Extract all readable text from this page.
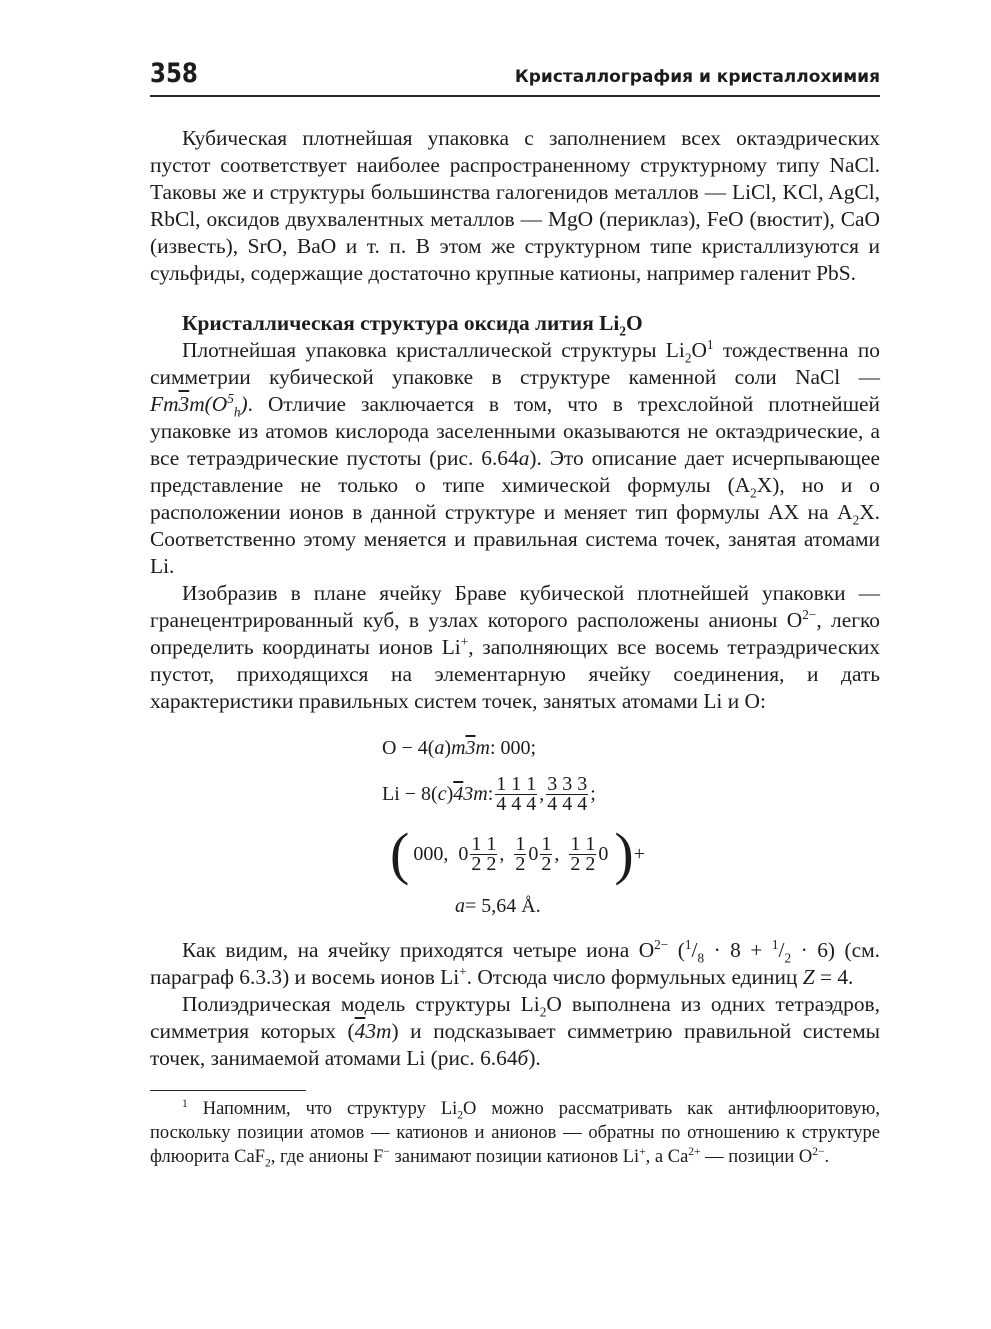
358	Кристаллография и кристаллохимия

Кубическая плотнейшая упаковка с заполнением всех октаэдрических пустот соответствует наиболее распространенному структурному типу NaCl. Таковы же и структуры большинства галогенидов металлов — LiCl, KCl, AgCl, RbCl, оксидов двухвалентных металлов — MgO (периклаз), FeO (вюстит), CaO (известь), SrO, BaO и т. п. В этом же структурном типе кристаллизуются и сульфиды, содержащие достаточно крупные катионы, например галенит PbS.

Кристаллическая структура оксида лития $Li_2O$

Плотнейшая упаковка кристаллической структуры $Li_2O^1$ тождественна по симметрии кубической упаковке в структуре каменной соли NaCl — $Fm3m(O^5_h)$. Отличие заключается в том, что в трехслойной плотнейшей упаковке из атомов кислорода заселенными оказываются не октаэдрические, а все тетраэдрические пустоты (рис. 6.64а). Это описание дает исчерпывающее представление не только о типе химической формулы $(A_2X)$, но и о расположении ионов в данной структуре и меняет тип формулы AX на $A_2X$. Соответственно этому меняется и правильная система точек, занятая атомами Li.

Изобразив в плане ячейку Браве кубической плотнейшей упаковки — гранецентрированный куб, в узлах которого расположены анионы $O^{2-}$, легко определить координаты ионов Li+, заполняющих все восемь тетраэдрических пустот, приходящихся на элементарную ячейку соединения, и дать характеристики правильных систем точек, занятых атомами Li и O:

O − 4( a ) m3m : 000;
Li − 8( c ) 43m : $\frac{1 1 1}{4 4 4}$ , $\frac{3 3 3}{4 4 4}$ ;
( 000, $0 \frac{1 1}{2 2}$ , $\frac{1}{2} 0 \frac{1}{2}$ , $\frac{1 1}{2 2} 0$ ) +
a = 5,64 Å.

Как видим, на ячейку приходятся четыре иона $O^{2-}$ $(^1/_8 \cdot 8 + ^1/_2 \cdot 6)$ (см. параграф 6.3.3) и восемь ионов Li+. Отсюда число формульных единиц Z = 4.

Полиэдрическая модель структуры $Li_2O$ выполнена из одних тетраэдров, симметрия которых (43m) и подсказывает симметрию правильной системы точек, занимаемой атомами Li (рис. 6.64б).

$^1$ Напомним, что структуру $Li_2O$ можно рассматривать как антифлюоритовую, поскольку позиции атомов — катионов и анионов — обратны по отношению к структуре флюорита CaF$_2$, где анионы F− занимают позиции катионов Li+, а $Ca^{2+}$ — позиции $O^{2-}$.
